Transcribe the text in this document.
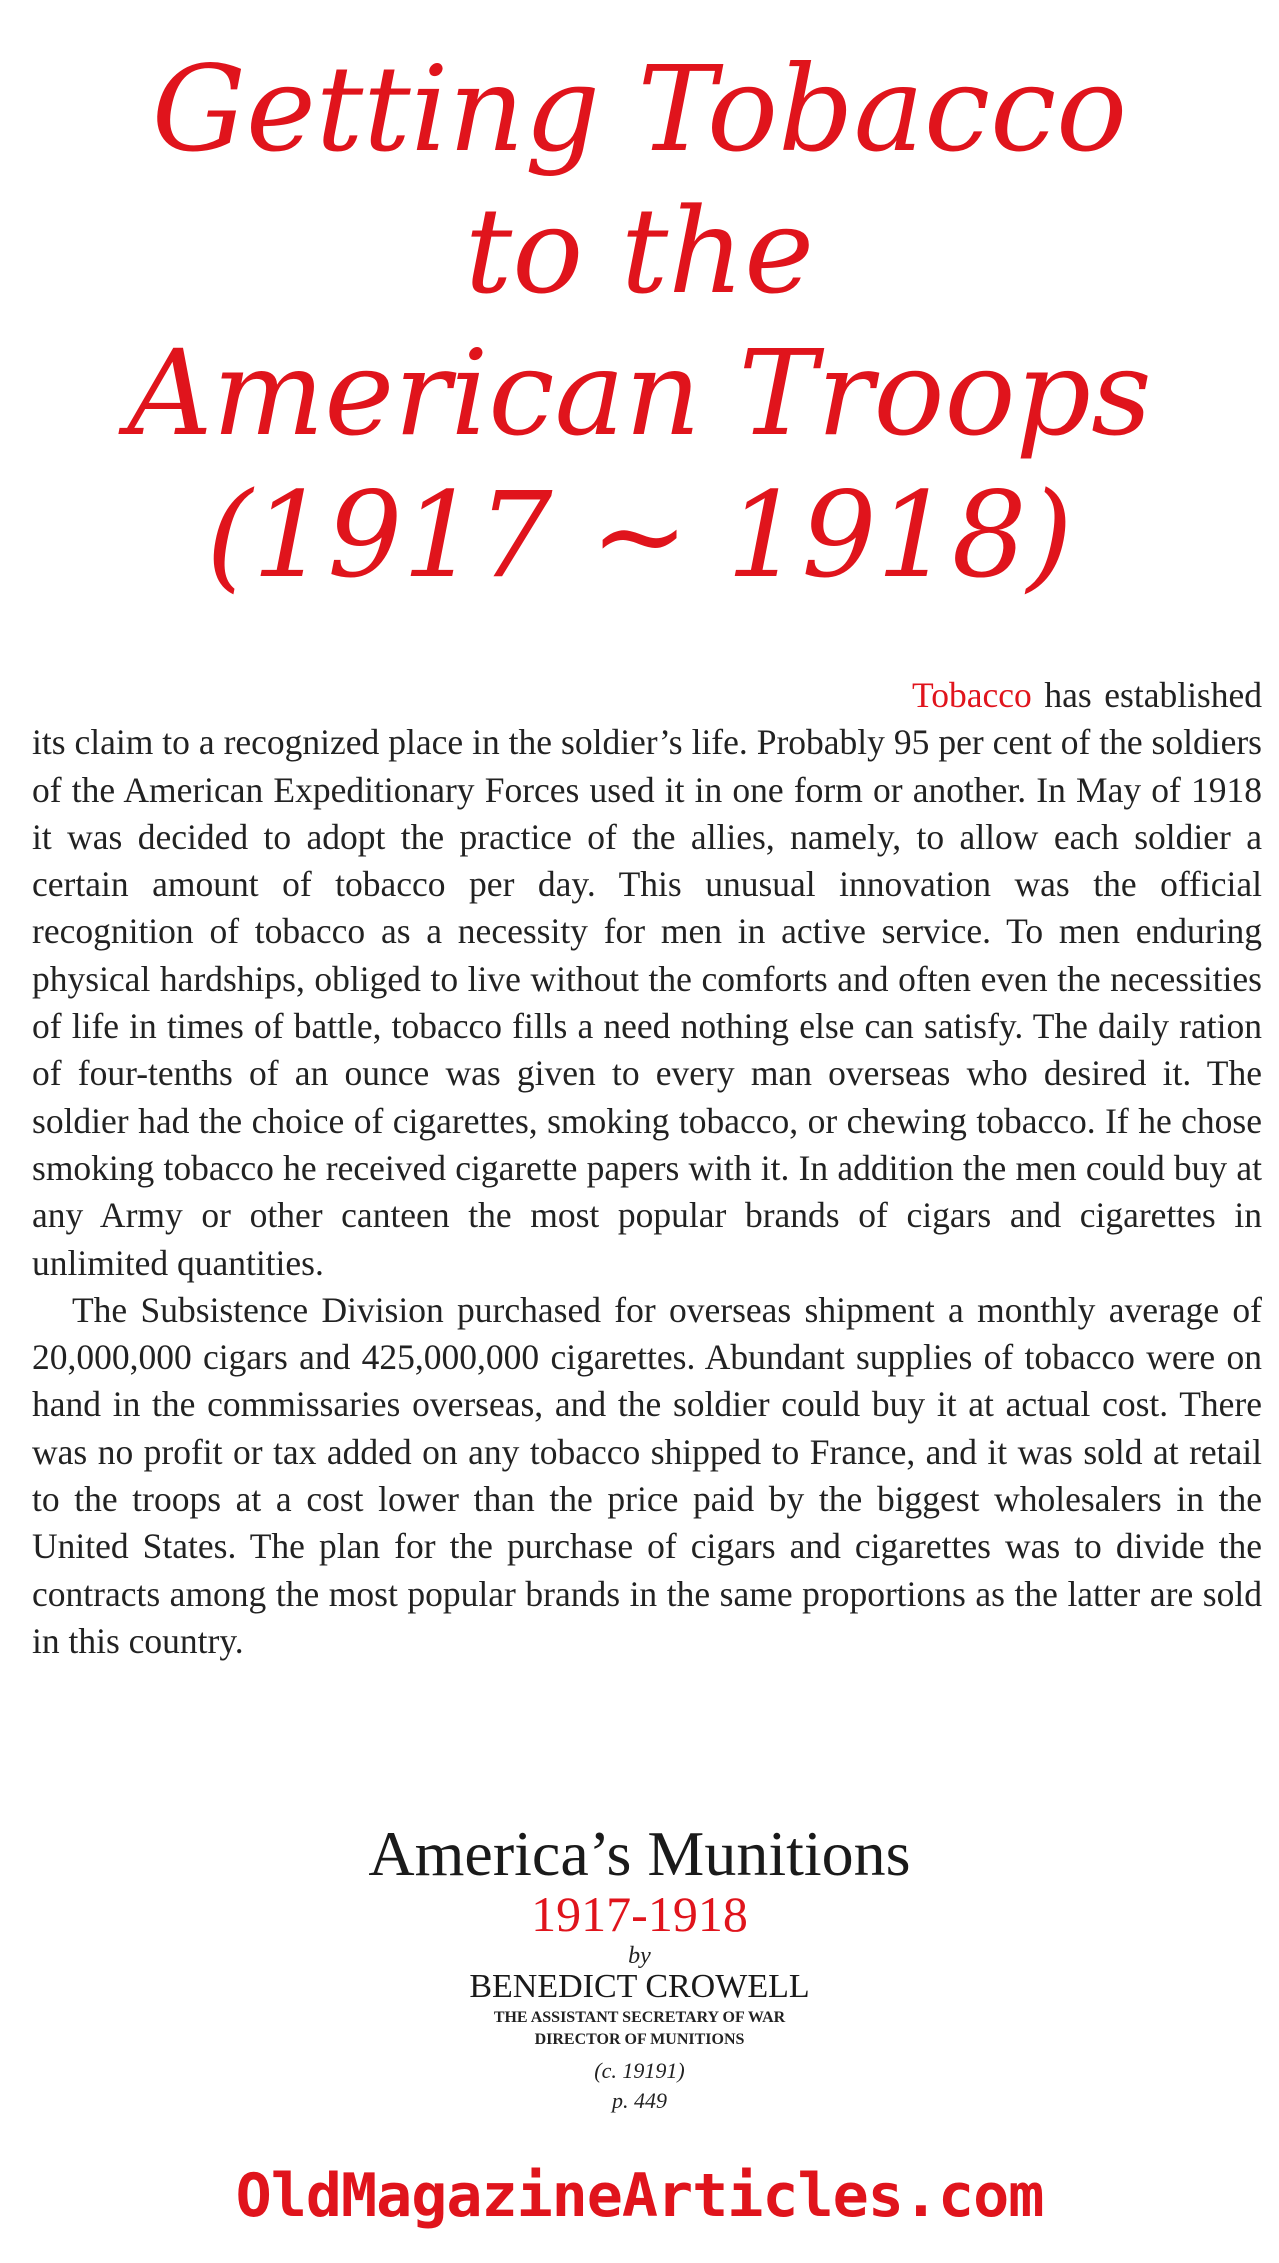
Getting Tobacco
to the
American Troops
(1917 ~ 1918)

Tobacco has established its claim to a recognized place in the soldier’s life. Probably 95 per cent of the soldiers of the American Expeditionary Forces used it in one form or another. In May of 1918 it was decided to adopt the practice of the allies, namely, to allow each soldier a certain amount of tobacco per day. This unusual innovation was the official recognition of tobacco as a necessity for men in active service. To men enduring physical hardships, obliged to live without the comforts and often even the necessities of life in times of battle, tobacco fills a need nothing else can satisfy. The daily ration of four-tenths of an ounce was given to every man overseas who desired it. The soldier had the choice of cigarettes, smoking tobacco, or chewing tobacco. If he chose smoking tobacco he received cigarette papers with it. In addition the men could buy at any Army or other canteen the most popular brands of cigars and cigarettes in unlimited quantities.

The Subsistence Division purchased for overseas shipment a monthly average of 20,000,000 cigars and 425,000,000 cigarettes. Abundant supplies of tobacco were on hand in the commissaries overseas, and the soldier could buy it at actual cost. There was no profit or tax added on any tobacco shipped to France, and it was sold at retail to the troops at a cost lower than the price paid by the biggest wholesalers in the United States. The plan for the purchase of cigars and cigarettes was to divide the contracts among the most popular brands in the same proportions as the latter are sold in this country.

America’s Munitions
1917-1918
by
BENEDICT CROWELL
THE ASSISTANT SECRETARY OF WAR
DIRECTOR OF MUNITIONS
(c. 19191)
p. 449
OldMagazineArticles.com
